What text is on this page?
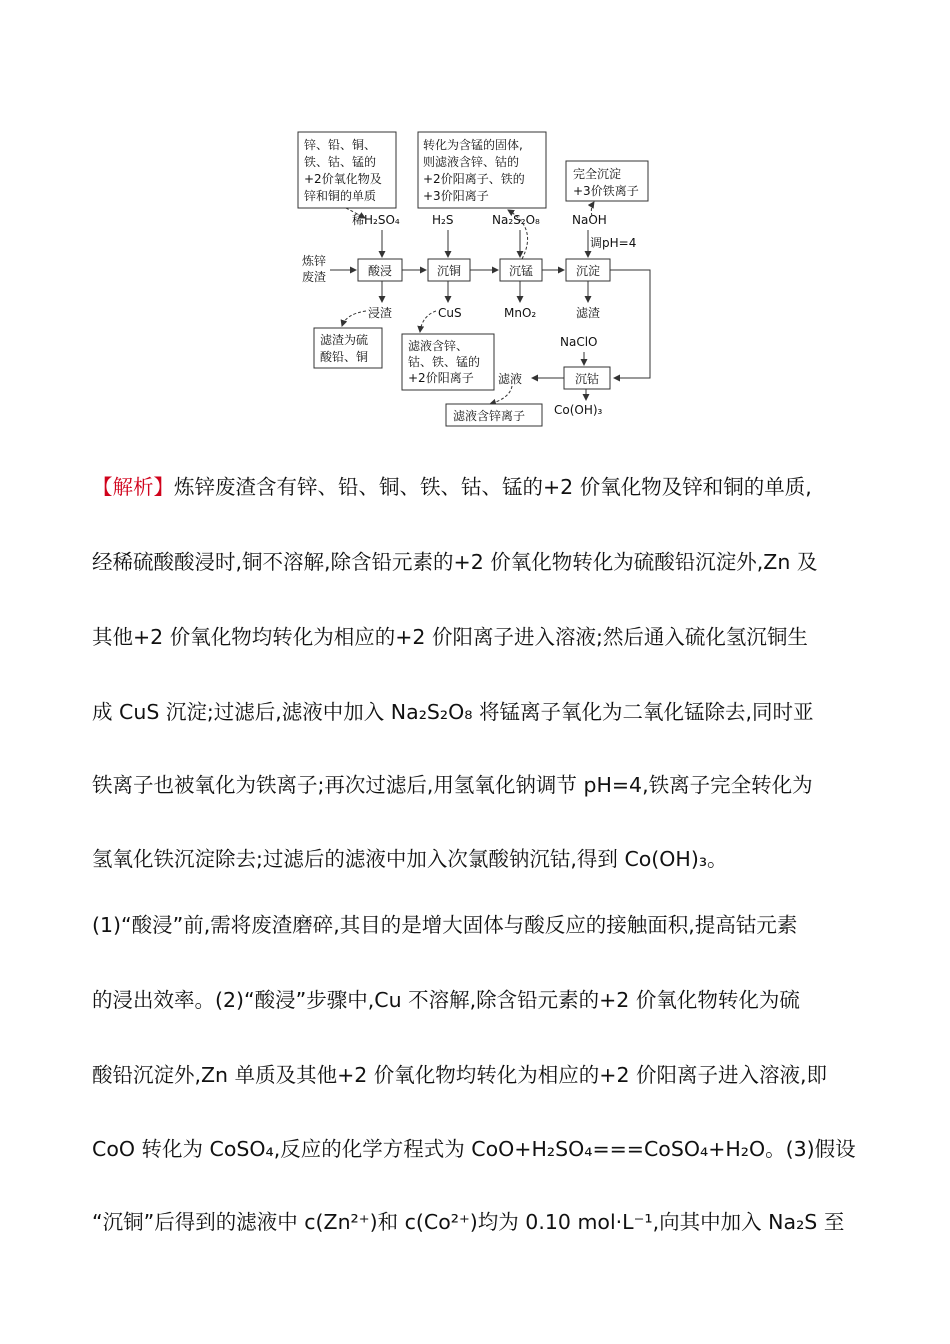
锌、铅、铜、
铁、钴、锰的
+2价氧化物及
锌和铜的单质
转化为含锰的固体,
则滤液含锌、钴的
+2价阳离子、铁的
+3价阳离子
完全沉淀
+3价铁离子
稀H₂SO₄	H₂S	Na₂S₂O₈	NaOH
调pH=4
炼锌
废渣	酸浸	沉铜	沉锰	沉淀
浸渣	CuS	MnO₂	滤渣
滤渣为硫
酸铅、铜
滤液含锌、
钴、铁、锰的
+2价阳离子
NaClO
沉钴
滤液
Co(OH)₃
滤液含锌离子
【解析】炼锌废渣含有锌、铅、铜、铁、钴、锰的+2 价氧化物及锌和铜的单质,
经稀硫酸酸浸时,铜不溶解,除含铅元素的+2 价氧化物转化为硫酸铅沉淀外,Zn 及
其他+2 价氧化物均转化为相应的+2 价阳离子进入溶液;然后通入硫化氢沉铜生
成 CuS 沉淀;过滤后,滤液中加入 Na₂S₂O₈ 将锰离子氧化为二氧化锰除去,同时亚
铁离子也被氧化为铁离子;再次过滤后,用氢氧化钠调节 pH=4,铁离子完全转化为
氢氧化铁沉淀除去;过滤后的滤液中加入次氯酸钠沉钴,得到 Co(OH)₃。
(1)“酸浸”前,需将废渣磨碎,其目的是增大固体与酸反应的接触面积,提高钴元素
的浸出效率。(2)“酸浸”步骤中,Cu 不溶解,除含铅元素的+2 价氧化物转化为硫
酸铅沉淀外,Zn 单质及其他+2 价氧化物均转化为相应的+2 价阳离子进入溶液,即
CoO 转化为 CoSO₄,反应的化学方程式为 CoO+H₂SO₄===CoSO₄+H₂O。(3)假设
“沉铜”后得到的滤液中 c(Zn²⁺)和 c(Co²⁺)均为 0.10 mol·L⁻¹,向其中加入 Na₂S 至
